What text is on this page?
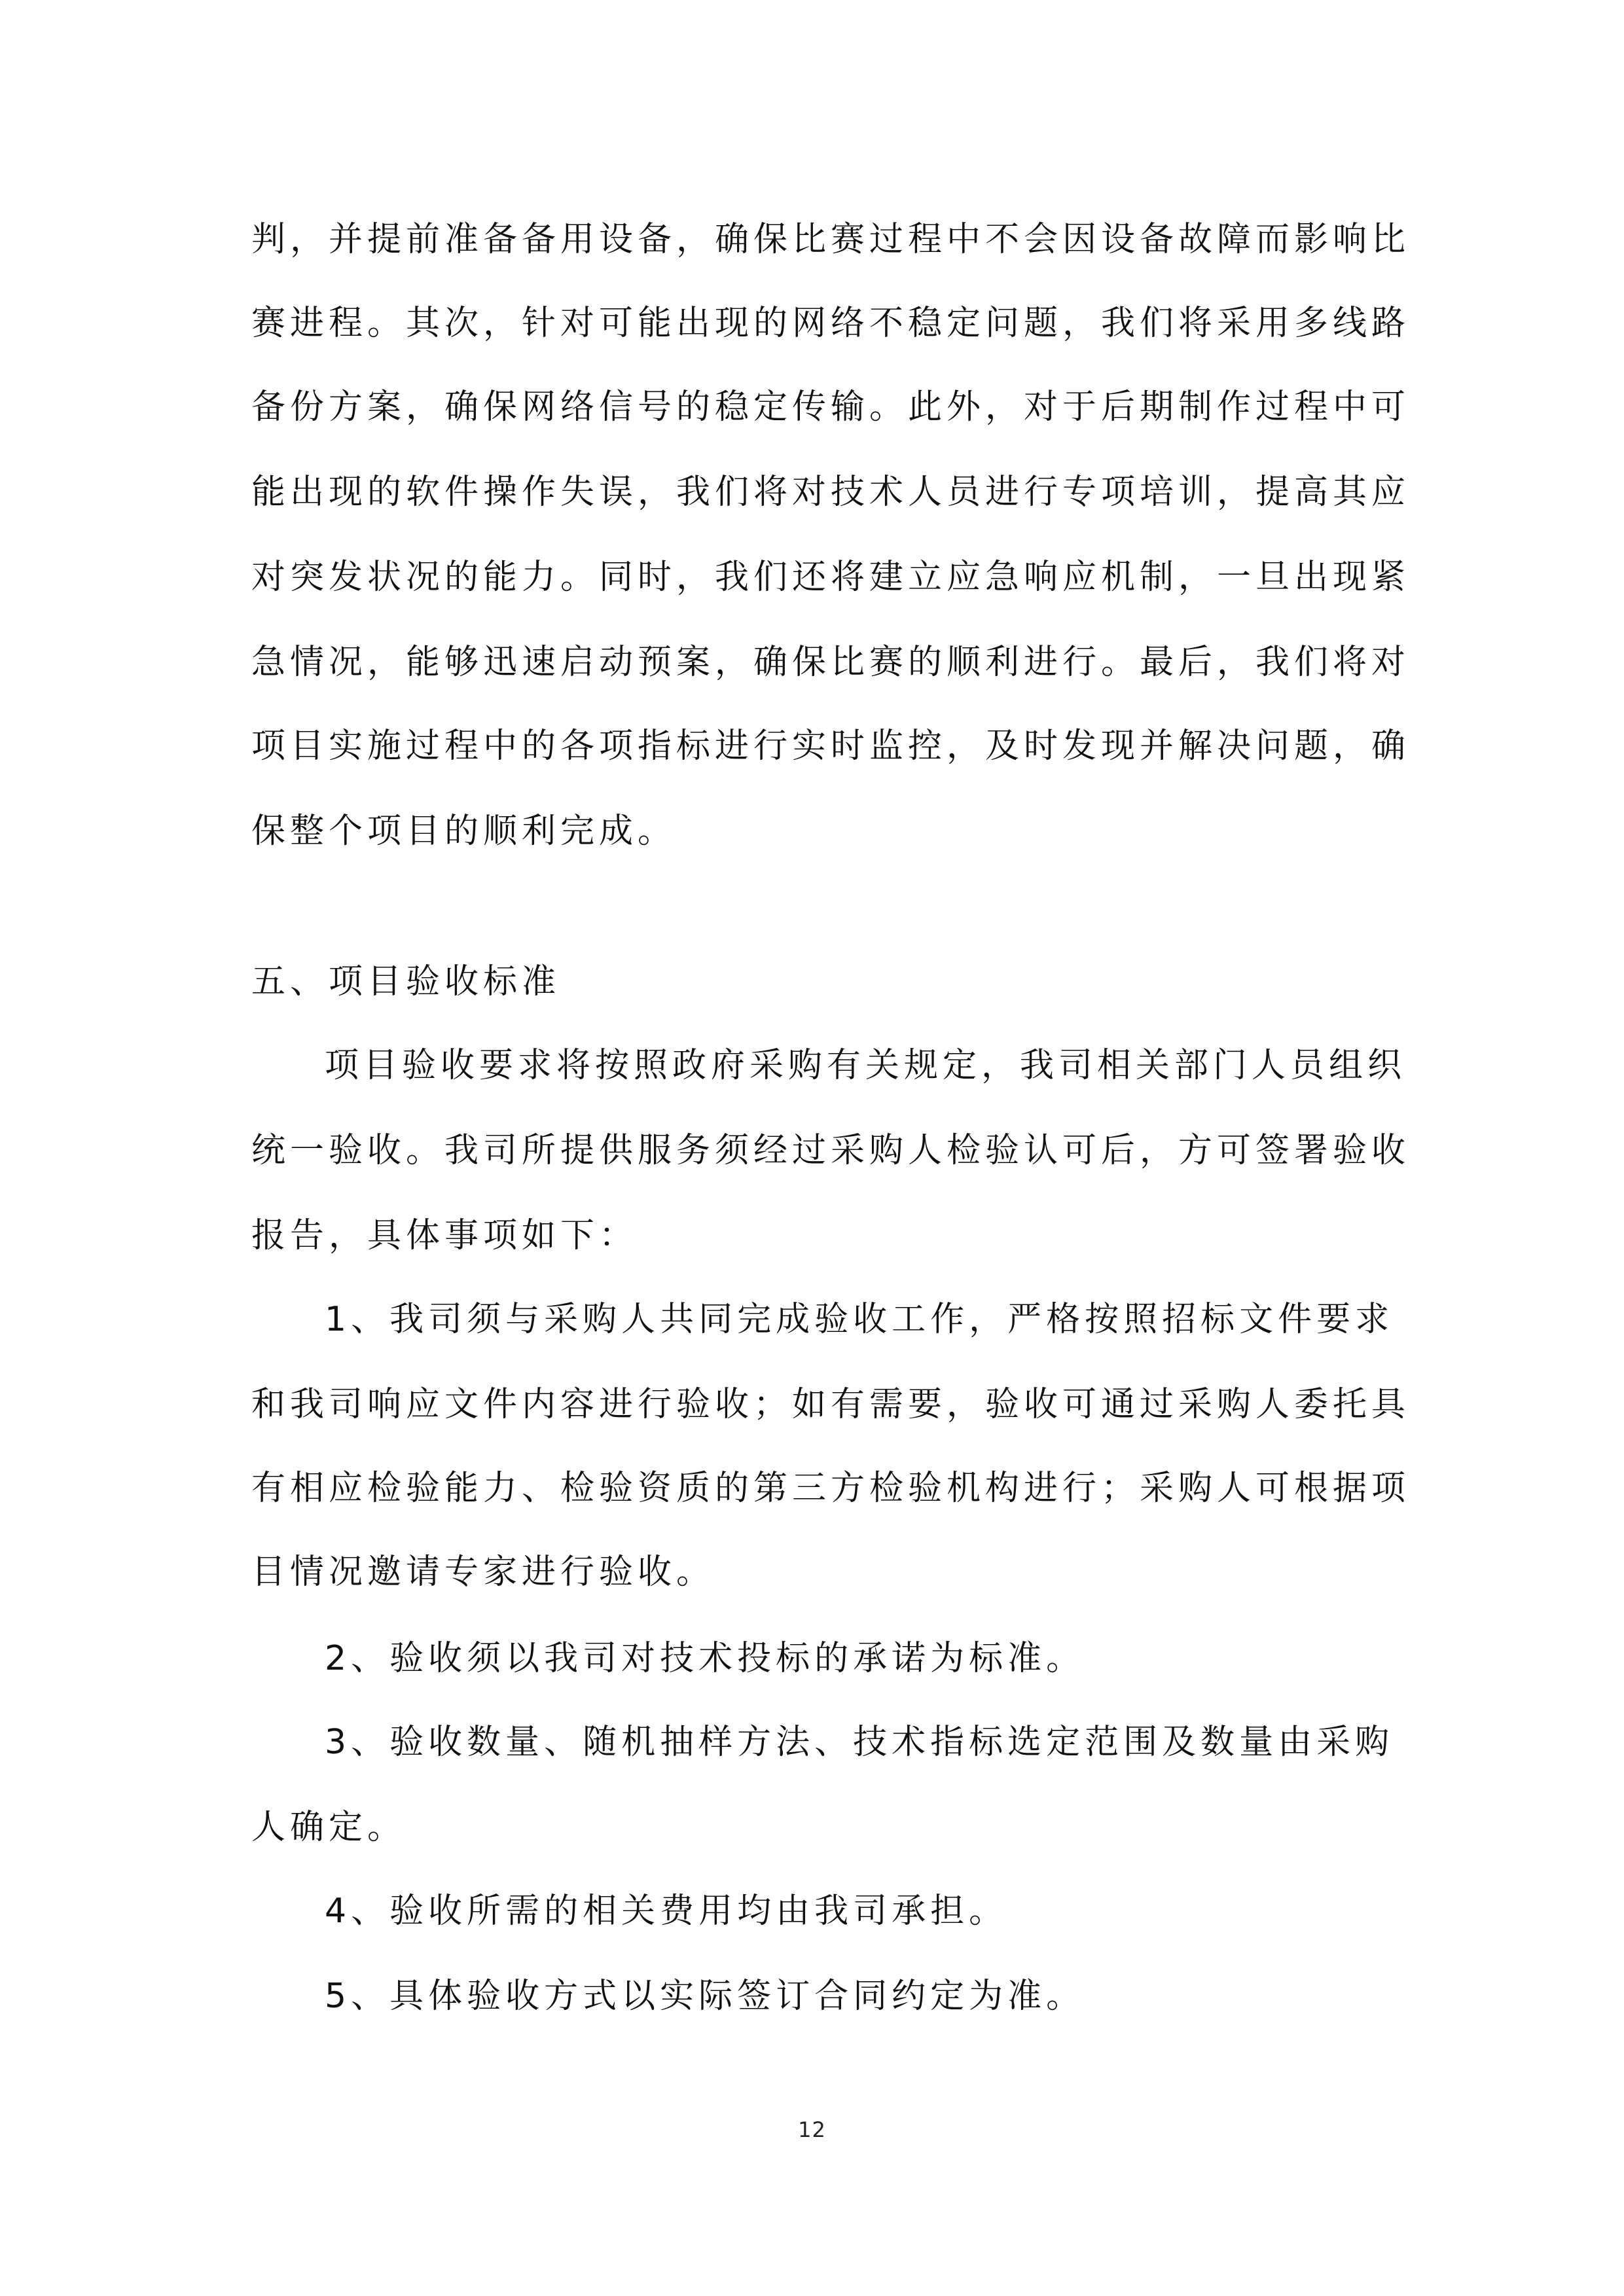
判，并提前准备备用设备，确保比赛过程中不会因设备故障而影响比
赛进程。其次，针对可能出现的网络不稳定问题，我们将采用多线路
备份方案，确保网络信号的稳定传输。此外，对于后期制作过程中可
能出现的软件操作失误，我们将对技术人员进行专项培训，提高其应
对突发状况的能力。同时，我们还将建立应急响应机制，一旦出现紧
急情况，能够迅速启动预案，确保比赛的顺利进行。最后，我们将对
项目实施过程中的各项指标进行实时监控，及时发现并解决问题，确
保整个项目的顺利完成。
五、项目验收标准
项目验收要求将按照政府采购有关规定，我司相关部门人员组织
统一验收。我司所提供服务须经过采购人检验认可后，方可签署验收
报告，具体事项如下：
1、我司须与采购人共同完成验收工作，严格按照招标文件要求
和我司响应文件内容进行验收；如有需要，验收可通过采购人委托具
有相应检验能力、检验资质的第三方检验机构进行；采购人可根据项
目情况邀请专家进行验收。
2、验收须以我司对技术投标的承诺为标准。
3、验收数量、随机抽样方法、技术指标选定范围及数量由采购
人确定。
4、验收所需的相关费用均由我司承担。
5、具体验收方式以实际签订合同约定为准。
12
